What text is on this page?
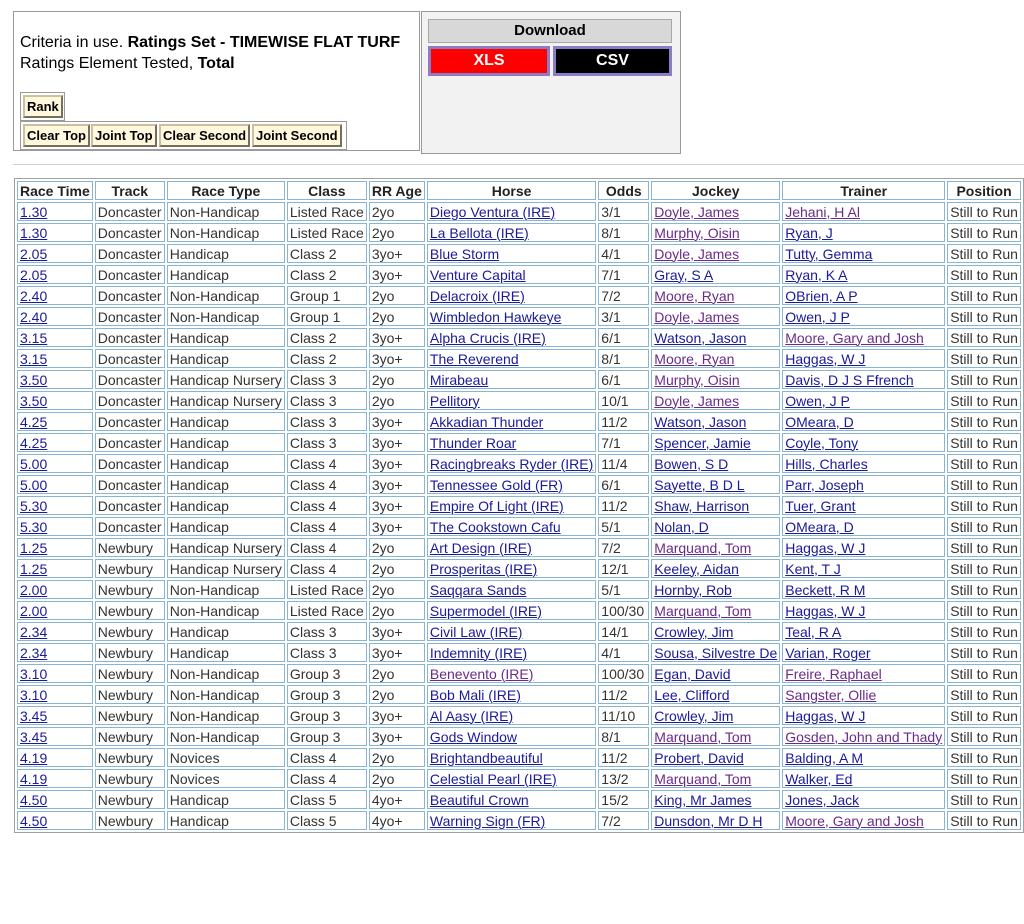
Criteria in use. Ratings Set - TIMEWISE FLAT TURF
Ratings Element Tested, Total
Rank
Clear Top Joint Top Clear Second Joint Second
Download
XLS	CSV
Race Time	Track	Race Type	Class	RR Age	Horse	Odds	Jockey	Trainer	Position
1.30	Doncaster	Non-Handicap	Listed Race	2yo	Diego Ventura (IRE)	3/1	Doyle, James	Jehani, H Al	Still to Run
1.30	Doncaster	Non-Handicap	Listed Race	2yo	La Bellota (IRE)	8/1	Murphy, Oisin	Ryan, J	Still to Run
2.05	Doncaster	Handicap	Class 2	3yo+	Blue Storm	4/1	Doyle, James	Tutty, Gemma	Still to Run
2.05	Doncaster	Handicap	Class 2	3yo+	Venture Capital	7/1	Gray, S A	Ryan, K A	Still to Run
2.40	Doncaster	Non-Handicap	Group 1	2yo	Delacroix (IRE)	7/2	Moore, Ryan	OBrien, A P	Still to Run
2.40	Doncaster	Non-Handicap	Group 1	2yo	Wimbledon Hawkeye	3/1	Doyle, James	Owen, J P	Still to Run
3.15	Doncaster	Handicap	Class 2	3yo+	Alpha Crucis (IRE)	6/1	Watson, Jason	Moore, Gary and Josh	Still to Run
3.15	Doncaster	Handicap	Class 2	3yo+	The Reverend	8/1	Moore, Ryan	Haggas, W J	Still to Run
3.50	Doncaster	Handicap Nursery	Class 3	2yo	Mirabeau	6/1	Murphy, Oisin	Davis, D J S Ffrench	Still to Run
3.50	Doncaster	Handicap Nursery	Class 3	2yo	Pellitory	10/1	Doyle, James	Owen, J P	Still to Run
4.25	Doncaster	Handicap	Class 3	3yo+	Akkadian Thunder	11/2	Watson, Jason	OMeara, D	Still to Run
4.25	Doncaster	Handicap	Class 3	3yo+	Thunder Roar	7/1	Spencer, Jamie	Coyle, Tony	Still to Run
5.00	Doncaster	Handicap	Class 4	3yo+	Racingbreaks Ryder (IRE)	11/4	Bowen, S D	Hills, Charles	Still to Run
5.00	Doncaster	Handicap	Class 4	3yo+	Tennessee Gold (FR)	6/1	Sayette, B D L	Parr, Joseph	Still to Run
5.30	Doncaster	Handicap	Class 4	3yo+	Empire Of Light (IRE)	11/2	Shaw, Harrison	Tuer, Grant	Still to Run
5.30	Doncaster	Handicap	Class 4	3yo+	The Cookstown Cafu	5/1	Nolan, D	OMeara, D	Still to Run
1.25	Newbury	Handicap Nursery	Class 4	2yo	Art Design (IRE)	7/2	Marquand, Tom	Haggas, W J	Still to Run
1.25	Newbury	Handicap Nursery	Class 4	2yo	Prosperitas (IRE)	12/1	Keeley, Aidan	Kent, T J	Still to Run
2.00	Newbury	Non-Handicap	Listed Race	2yo	Saqqara Sands	5/1	Hornby, Rob	Beckett, R M	Still to Run
2.00	Newbury	Non-Handicap	Listed Race	2yo	Supermodel (IRE)	100/30	Marquand, Tom	Haggas, W J	Still to Run
2.34	Newbury	Handicap	Class 3	3yo+	Civil Law (IRE)	14/1	Crowley, Jim	Teal, R A	Still to Run
2.34	Newbury	Handicap	Class 3	3yo+	Indemnity (IRE)	4/1	Sousa, Silvestre De	Varian, Roger	Still to Run
3.10	Newbury	Non-Handicap	Group 3	2yo	Benevento (IRE)	100/30	Egan, David	Freire, Raphael	Still to Run
3.10	Newbury	Non-Handicap	Group 3	2yo	Bob Mali (IRE)	11/2	Lee, Clifford	Sangster, Ollie	Still to Run
3.45	Newbury	Non-Handicap	Group 3	3yo+	Al Aasy (IRE)	11/10	Crowley, Jim	Haggas, W J	Still to Run
3.45	Newbury	Non-Handicap	Group 3	3yo+	Gods Window	8/1	Marquand, Tom	Gosden, John and Thady	Still to Run
4.19	Newbury	Novices	Class 4	2yo	Brightandbeautiful	11/2	Probert, David	Balding, A M	Still to Run
4.19	Newbury	Novices	Class 4	2yo	Celestial Pearl (IRE)	13/2	Marquand, Tom	Walker, Ed	Still to Run
4.50	Newbury	Handicap	Class 5	4yo+	Beautiful Crown	15/2	King, Mr James	Jones, Jack	Still to Run
4.50	Newbury	Handicap	Class 5	4yo+	Warning Sign (FR)	7/2	Dunsdon, Mr D H	Moore, Gary and Josh	Still to Run
